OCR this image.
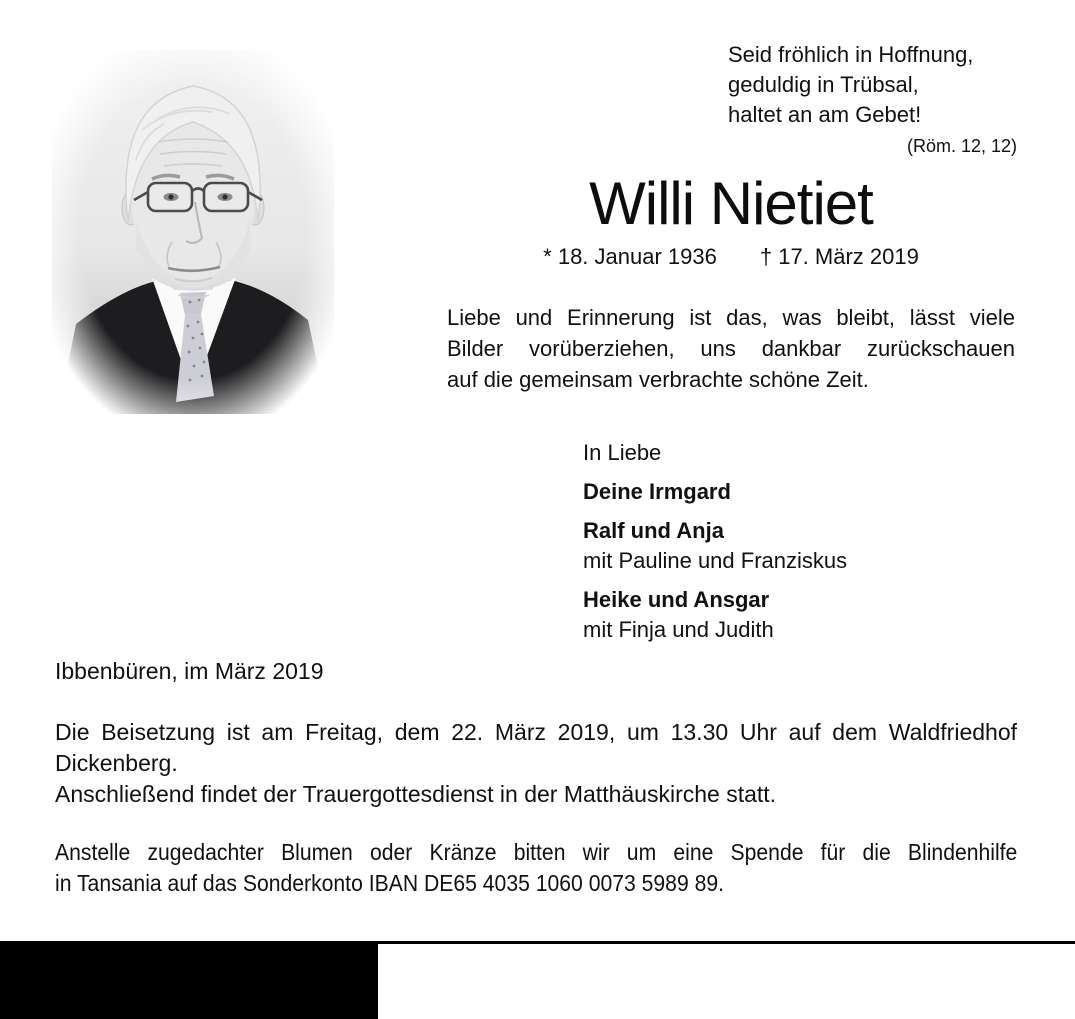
Seid fröhlich in Hoffnung,
geduldig in Trübsal,
haltet an am Gebet!
(Röm. 12, 12)
Willi Nietiet
* 18. Januar 1936 † 17. März 2019
Liebe und Erinnerung ist das, was bleibt, lässt viele
Bilder vorüberziehen, uns dankbar zurückschauen
auf die gemeinsam verbrachte schöne Zeit.
In Liebe
Deine Irmgard
Ralf und Anja
mit Pauline und Franziskus
Heike und Ansgar
mit Finja und Judith
Ibbenbüren, im März 2019
Die Beisetzung ist am Freitag, dem 22. März 2019, um 13.30 Uhr auf dem Waldfriedhof
Dickenberg.
Anschließend findet der Trauergottesdienst in der Matthäuskirche statt.
Anstelle zugedachter Blumen oder Kränze bitten wir um eine Spende für die Blindenhilfe
in Tansania auf das Sonderkonto IBAN DE65 4035 1060 0073 5989 89.
